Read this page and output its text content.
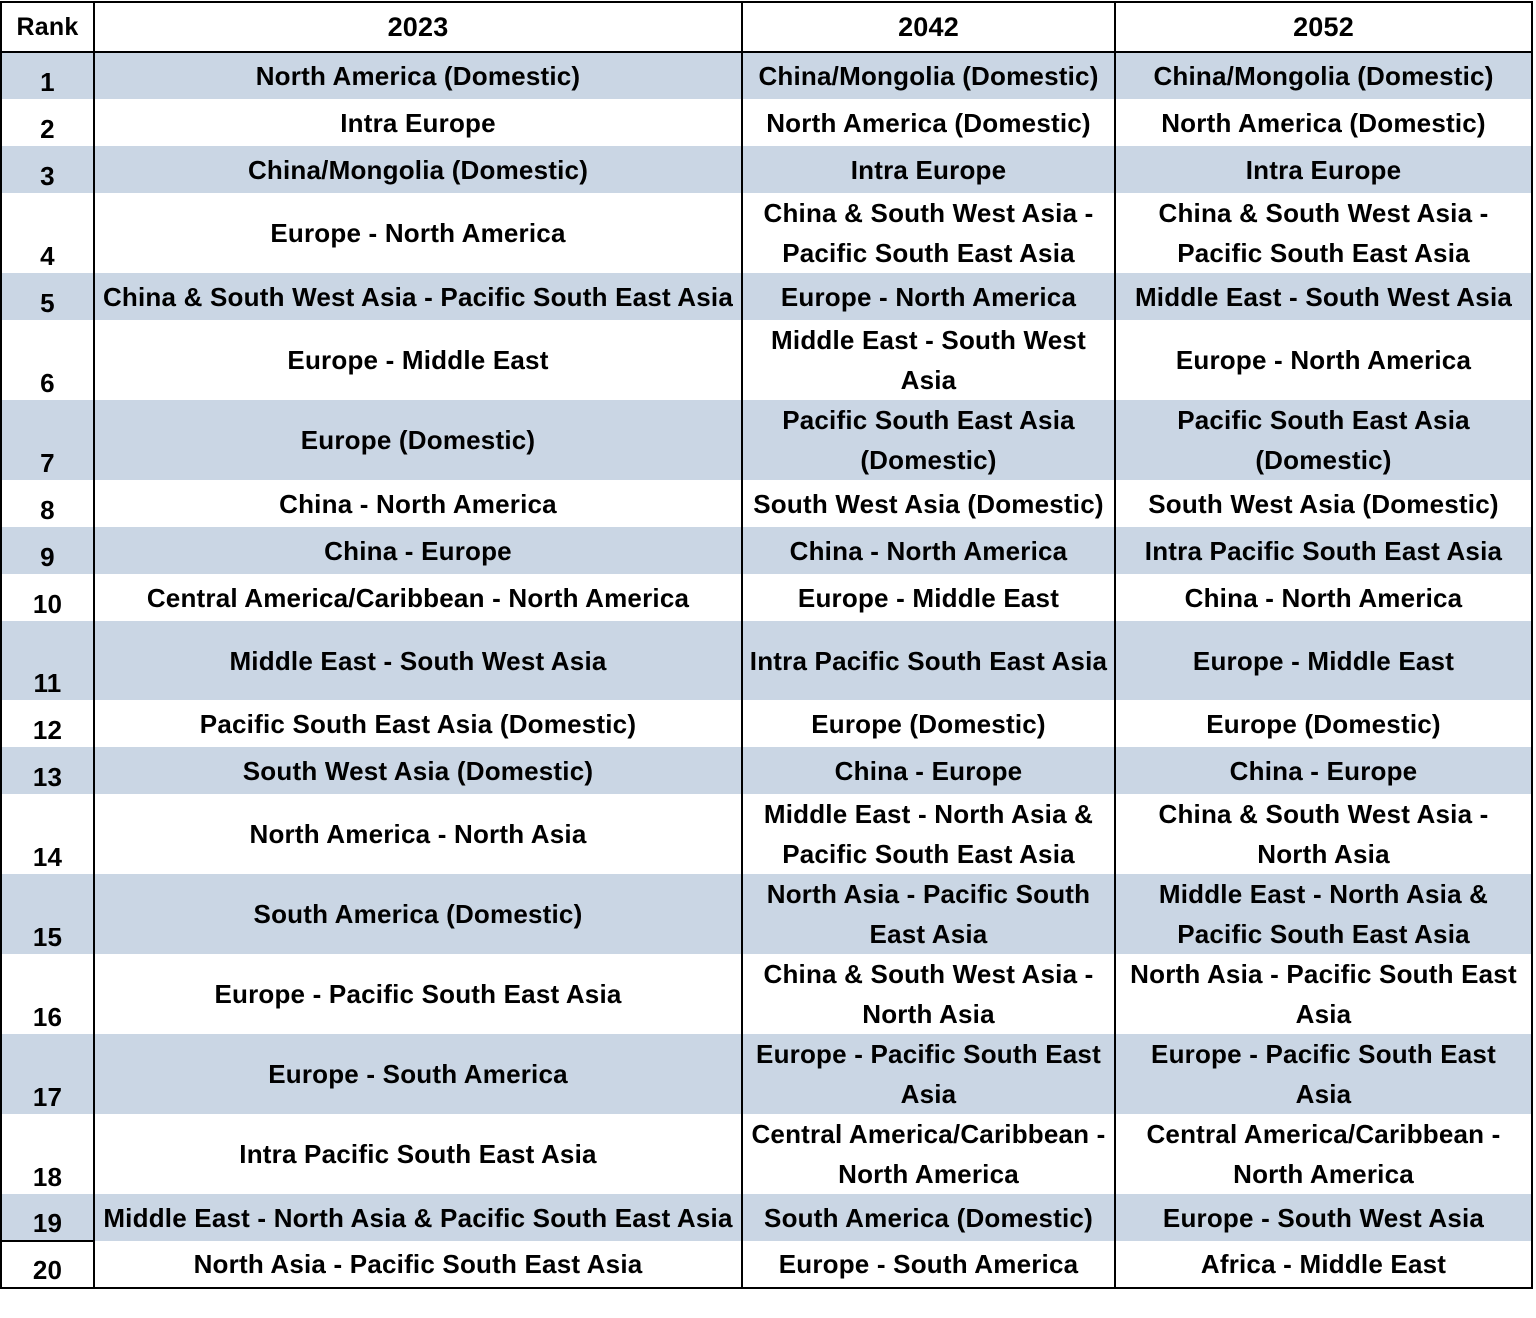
Rank	2023	2042	2052
1	North America (Domestic)	China/Mongolia (Domestic)	China/Mongolia (Domestic)
2	Intra Europe	North America (Domestic)	North America (Domestic)
3	China/Mongolia (Domestic)	Intra Europe	Intra Europe
4	Europe - North America	China & South West Asia - Pacific South East Asia	China & South West Asia - Pacific South East Asia
5	China & South West Asia - Pacific South East Asia	Europe - North America	Middle East - South West Asia
6	Europe - Middle East	Middle East - South West Asia	Europe - North America
7	Europe (Domestic)	Pacific South East Asia (Domestic)	Pacific South East Asia (Domestic)
8	China - North America	South West Asia (Domestic)	South West Asia (Domestic)
9	China - Europe	China - North America	Intra Pacific South East Asia
10	Central America/Caribbean - North America	Europe - Middle East	China - North America
11	Middle East - South West Asia	Intra Pacific South East Asia	Europe - Middle East
12	Pacific South East Asia (Domestic)	Europe (Domestic)	Europe (Domestic)
13	South West Asia (Domestic)	China - Europe	China - Europe
14	North America - North Asia	Middle East - North Asia & Pacific South East Asia	China & South West Asia - North Asia
15	South America (Domestic)	North Asia - Pacific South East Asia	Middle East - North Asia & Pacific South East Asia
16	Europe - Pacific South East Asia	China & South West Asia - North Asia	North Asia - Pacific South East Asia
17	Europe - South America	Europe - Pacific South East Asia	Europe - Pacific South East Asia
18	Intra Pacific South East Asia	Central America/Caribbean - North America	Central America/Caribbean - North America
19	Middle East - North Asia & Pacific South East Asia	South America (Domestic)	Europe - South West Asia
20	North Asia - Pacific South East Asia	Europe - South America	Africa - Middle East
